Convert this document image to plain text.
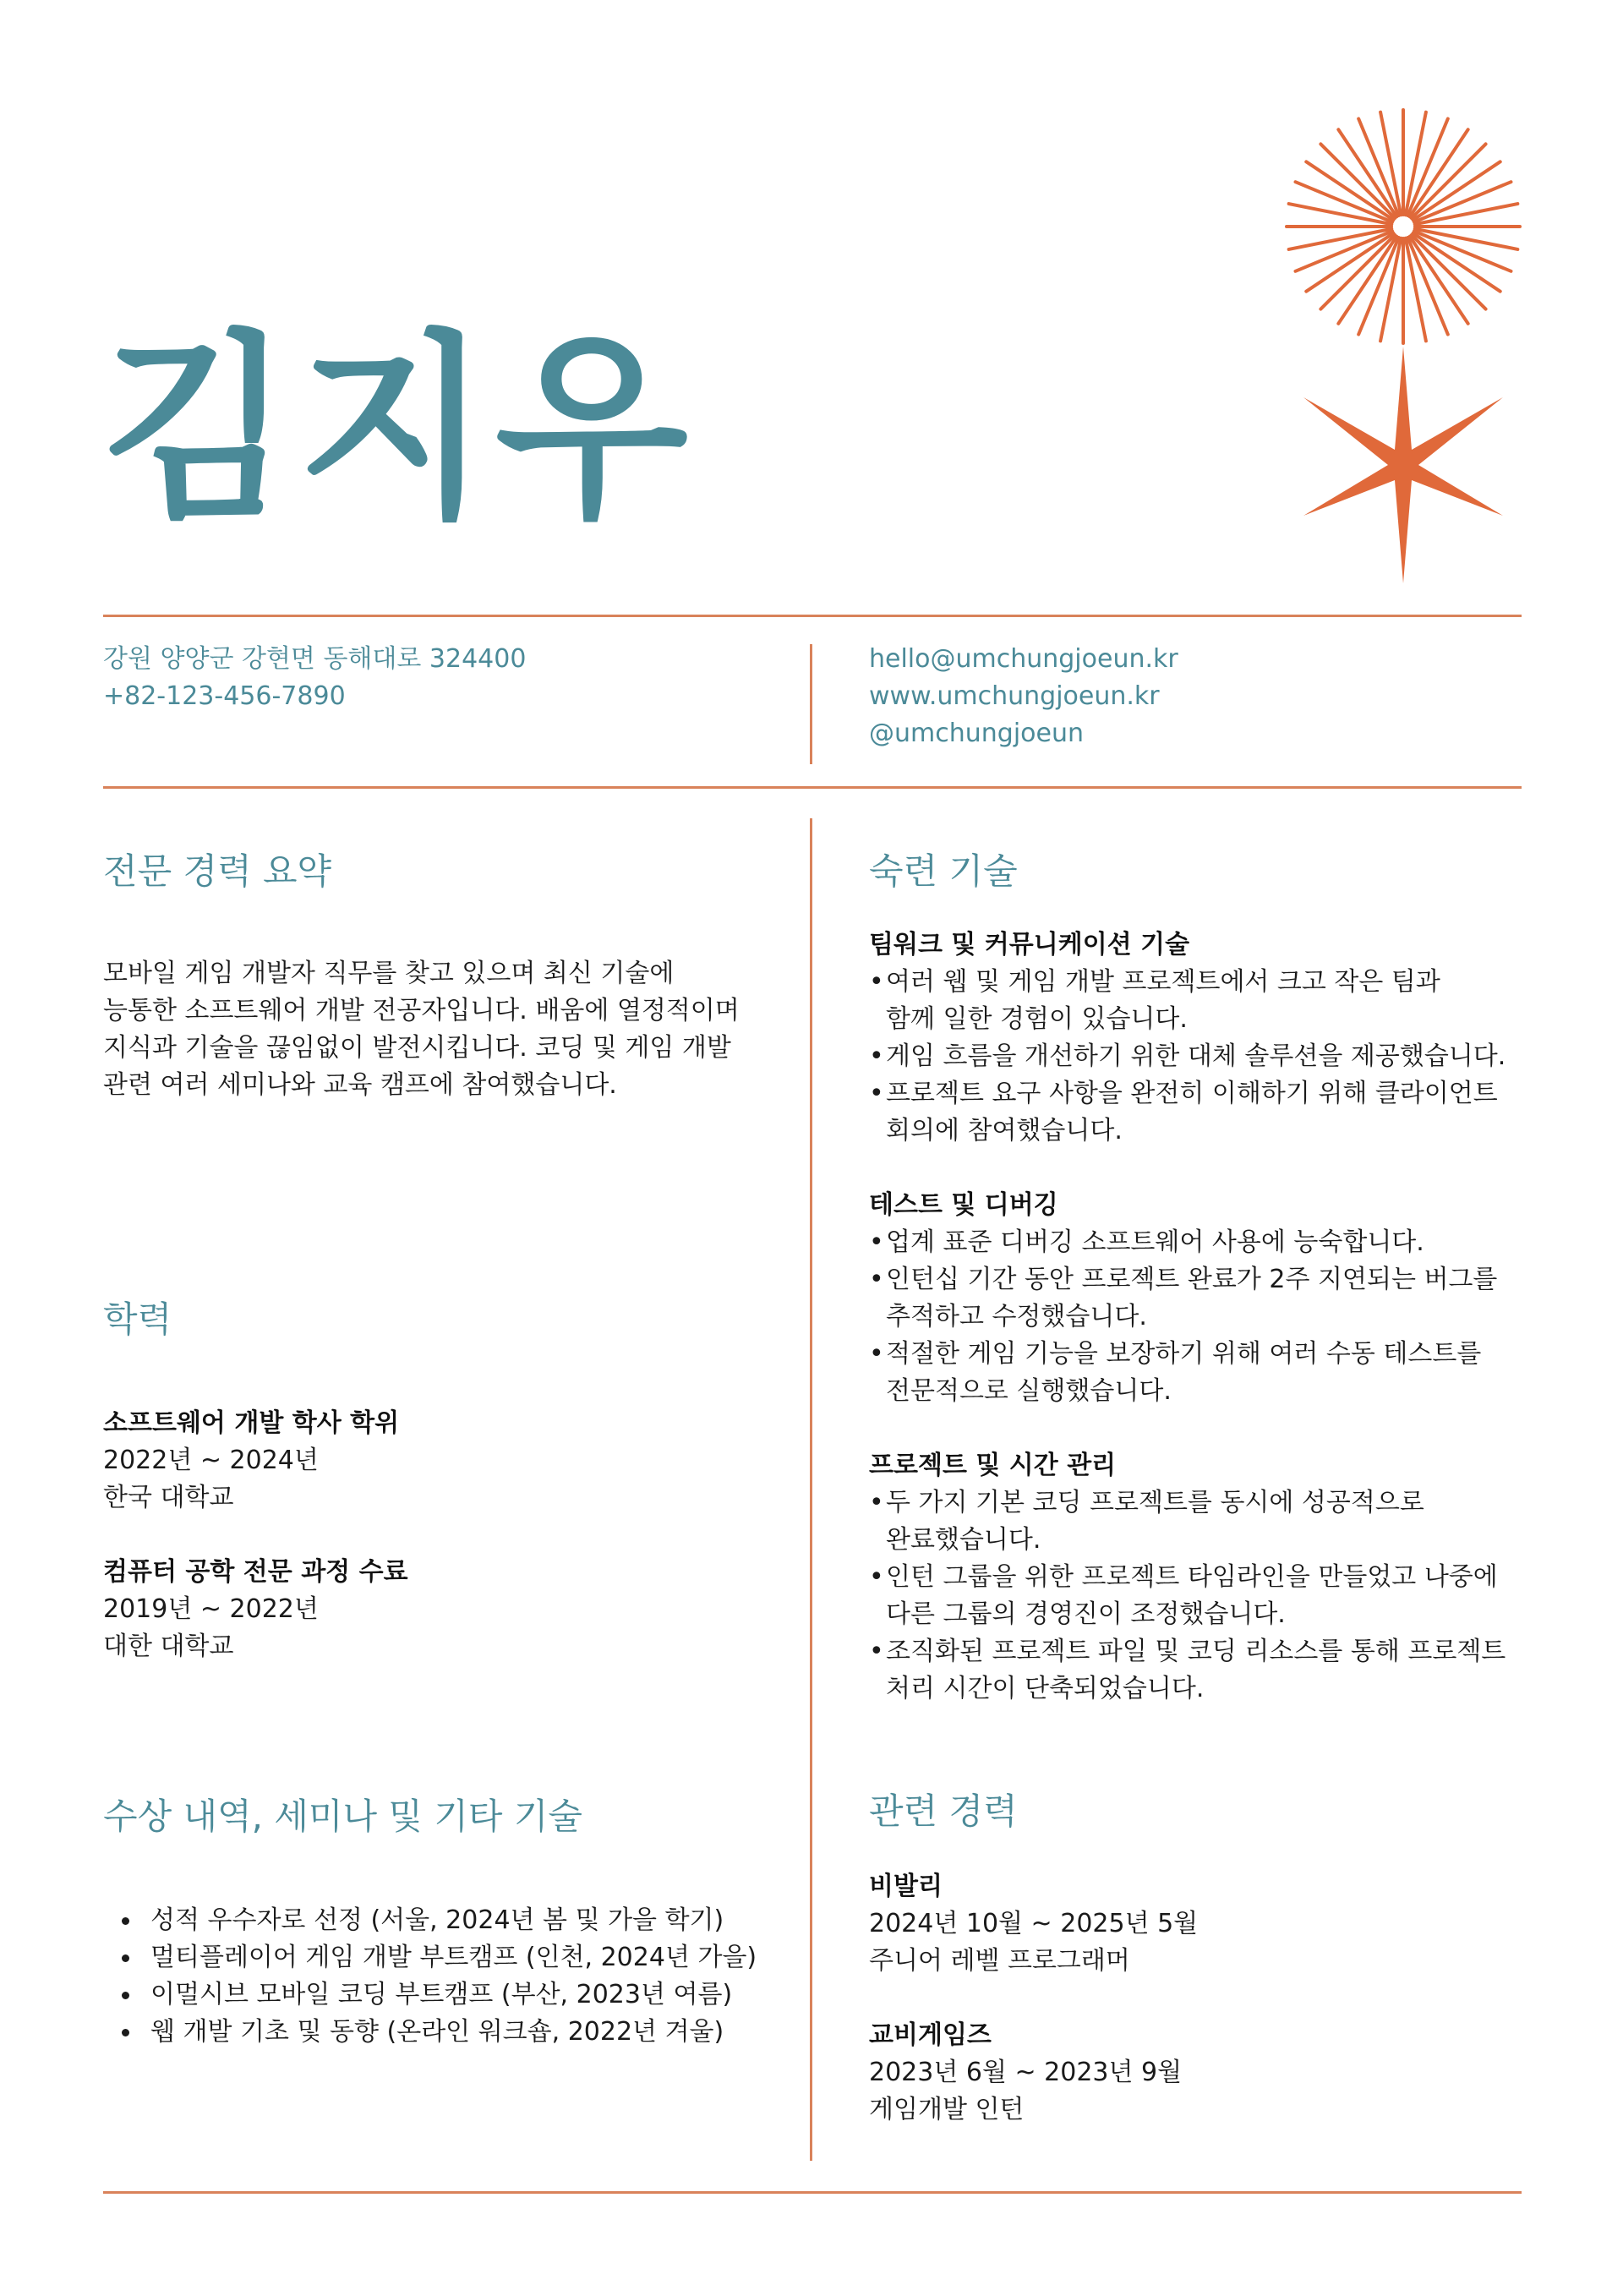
김지우
강원 양양군 강현면 동해대로 324400
+82-123-456-7890
hello@umchungjoeun.kr
www.umchungjoeun.kr
@umchungjoeun
전문 경력 요약
모바일 게임 개발자 직무를 찾고 있으며 최신 기술에
능통한 소프트웨어 개발 전공자입니다. 배움에 열정적이며
지식과 기술을 끊임없이 발전시킵니다. 코딩 및 게임 개발
관련 여러 세미나와 교육 캠프에 참여했습니다.
학력
소프트웨어 개발 학사 학위
2022년 ~ 2024년
한국 대학교
컴퓨터 공학 전문 과정 수료
2019년 ~ 2022년
대한 대학교
수상 내역, 세미나 및 기타 기술
성적 우수자로 선정 (서울, 2024년 봄 및 가을 학기)
멀티플레이어 게임 개발 부트캠프 (인천, 2024년 가을)
이멀시브 모바일 코딩 부트캠프 (부산, 2023년 여름)
웹 개발 기초 및 동향 (온라인 워크숍, 2022년 겨울)
숙련 기술
팀워크 및 커뮤니케이션 기술
• 여러 웹 및 게임 개발 프로젝트에서 크고 작은 팀과
함께 일한 경험이 있습니다.
• 게임 흐름을 개선하기 위한 대체 솔루션을 제공했습니다.
• 프로젝트 요구 사항을 완전히 이해하기 위해 클라이언트
회의에 참여했습니다.
테스트 및 디버깅
• 업계 표준 디버깅 소프트웨어 사용에 능숙합니다.
• 인턴십 기간 동안 프로젝트 완료가 2주 지연되는 버그를
추적하고 수정했습니다.
• 적절한 게임 기능을 보장하기 위해 여러 수동 테스트를
전문적으로 실행했습니다.
프로젝트 및 시간 관리
• 두 가지 기본 코딩 프로젝트를 동시에 성공적으로
완료했습니다.
• 인턴 그룹을 위한 프로젝트 타임라인을 만들었고 나중에
다른 그룹의 경영진이 조정했습니다.
• 조직화된 프로젝트 파일 및 코딩 리소스를 통해 프로젝트
처리 시간이 단축되었습니다.
관련 경력
비발리
2024년 10월 ~ 2025년 5월
주니어 레벨 프로그래머
교비게임즈
2023년 6월 ~ 2023년 9월
게임개발 인턴
